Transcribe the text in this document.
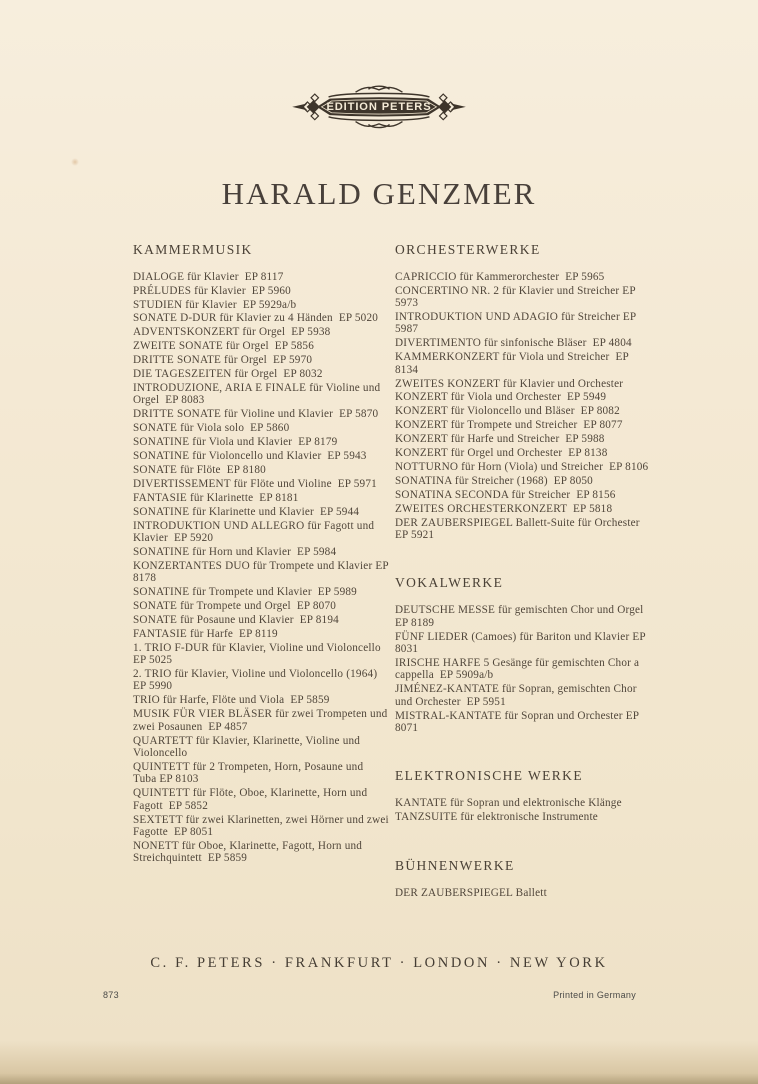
EDITION PETERS
HARALD GENZMER
KAMMERMUSIK

DIALOGE für Klavier  EP 8117

PRÉLUDES für Klavier  EP 5960

STUDIEN für Klavier  EP 5929a/b

SONATE D-DUR für Klavier zu 4 Händen  EP 5020

ADVENTSKONZERT für Orgel  EP 5938

ZWEITE SONATE für Orgel  EP 5856

DRITTE SONATE für Orgel  EP 5970

DIE TAGESZEITEN für Orgel  EP 8032

INTRODUZIONE, ARIA E FINALE für Violine und Orgel  EP 8083

DRITTE SONATE für Violine und Klavier  EP 5870

SONATE für Viola solo  EP 5860

SONATINE für Viola und Klavier  EP 8179

SONATINE für Violoncello und Klavier  EP 5943

SONATE für Flöte  EP 8180

DIVERTISSEMENT für Flöte und Violine  EP 5971

FANTASIE für Klarinette  EP 8181

SONATINE für Klarinette und Klavier  EP 5944

INTRODUKTION UND ALLEGRO für Fagott und Klavier  EP 5920

SONATINE für Horn und Klavier  EP 5984

KONZERTANTES DUO für Trompete und Klavier EP 8178

SONATINE für Trompete und Klavier  EP 5989

SONATE für Trompete und Orgel  EP 8070

SONATE für Posaune und Klavier  EP 8194

FANTASIE für Harfe  EP 8119

1. TRIO F-DUR für Klavier, Violine und Violoncello EP 5025

2. TRIO für Klavier, Violine und Violoncello (1964) EP 5990

TRIO für Harfe, Flöte und Viola  EP 5859

MUSIK FÜR VIER BLÄSER für zwei Trompeten und zwei Posaunen  EP 4857

QUARTETT für Klavier, Klarinette, Violine und Violoncello

QUINTETT für 2 Trompeten, Horn, Posaune und Tuba EP 8103

QUINTETT für Flöte, Oboe, Klarinette, Horn und Fagott  EP 5852

SEXTETT für zwei Klarinetten, zwei Hörner und zwei Fagotte  EP 8051

NONETT für Oboe, Klarinette, Fagott, Horn und Streichquintett  EP 5859

ORCHESTERWERKE

CAPRICCIO für Kammerorchester  EP 5965

CONCERTINO NR. 2 für Klavier und Streicher EP 5973

INTRODUKTION UND ADAGIO für Streicher EP 5987

DIVERTIMENTO für sinfonische Bläser  EP 4804

KAMMERKONZERT für Viola und Streicher  EP 8134

ZWEITES KONZERT für Klavier und Orchester

KONZERT für Viola und Orchester  EP 5949

KONZERT für Violoncello und Bläser  EP 8082

KONZERT für Trompete und Streicher  EP 8077

KONZERT für Harfe und Streicher  EP 5988

KONZERT für Orgel und Orchester  EP 8138

NOTTURNO für Horn (Viola) und Streicher  EP 8106

SONATINA für Streicher (1968)  EP 8050

SONATINA SECONDA für Streicher  EP 8156

ZWEITES ORCHESTERKONZERT  EP 5818

DER ZAUBERSPIEGEL Ballett-Suite für Orchester EP 5921

VOKALWERKE

DEUTSCHE MESSE für gemischten Chor und Orgel EP 8189

FÜNF LIEDER (Camoes) für Bariton und Klavier EP 8031

IRISCHE HARFE 5 Gesänge für gemischten Chor a cappella  EP 5909a/b

JIMÉNEZ-KANTATE für Sopran, gemischten Chor und Orchester  EP 5951

MISTRAL-KANTATE für Sopran und Orchester EP 8071

ELEKTRONISCHE WERKE

KANTATE für Sopran und elektronische Klänge

TANZSUITE für elektronische Instrumente

BÜHNENWERKE

DER ZAUBERSPIEGEL Ballett

C. F. PETERS · FRANKFURT · LONDON · NEW YORK
873	Printed in Germany
